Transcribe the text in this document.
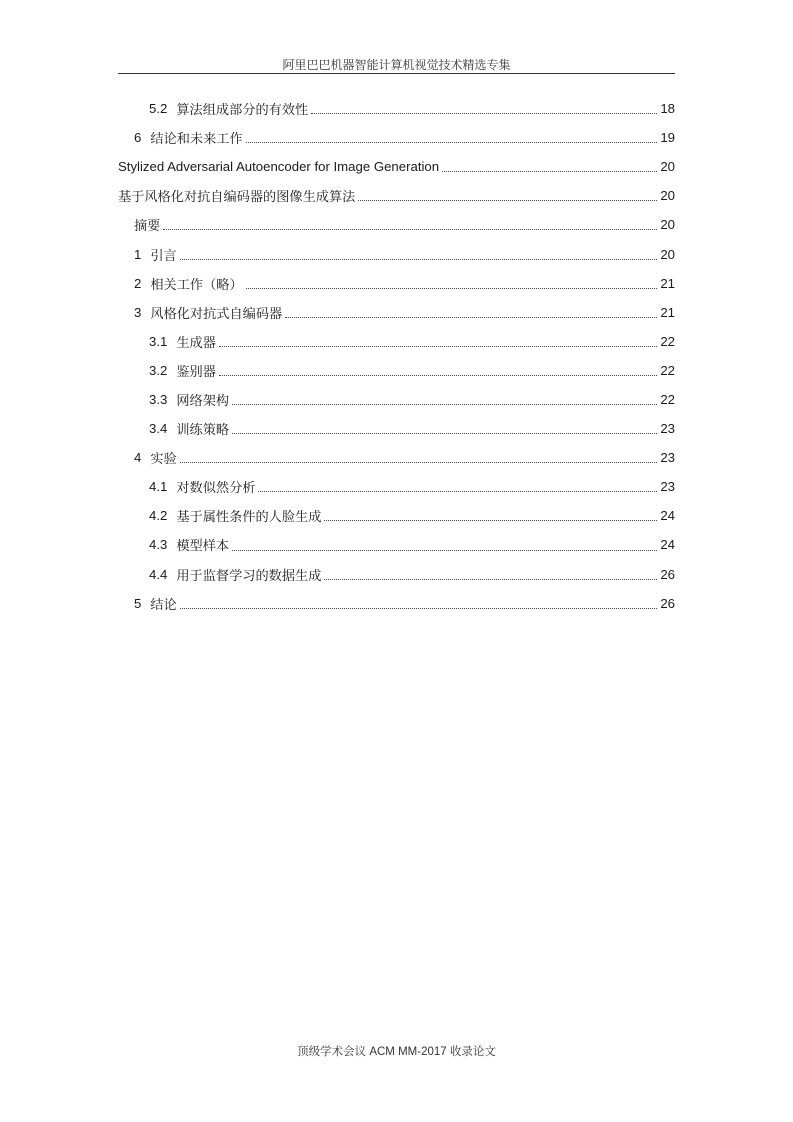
阿里巴巴机器智能计算机视觉技术精选专集
5.2 算法组成部分的有效性	18
6 结论和未来工作	19
Stylized Adversarial Autoencoder for Image Generation	20
基于风格化对抗自编码器的图像生成算法	20
摘要	20
1 引言	20
2 相关工作（略）	21
3 风格化对抗式自编码器	21
3.1 生成器	22
3.2 鉴别器	22
3.3 网络架构	22
3.4 训练策略	23
4 实验	23
4.1 对数似然分析	23
4.2 基于属性条件的人脸生成	24
4.3 模型样本	24
4.4 用于监督学习的数据生成	26
5 结论	26
顶级学术会议 ACM MM-2017 收录论文
